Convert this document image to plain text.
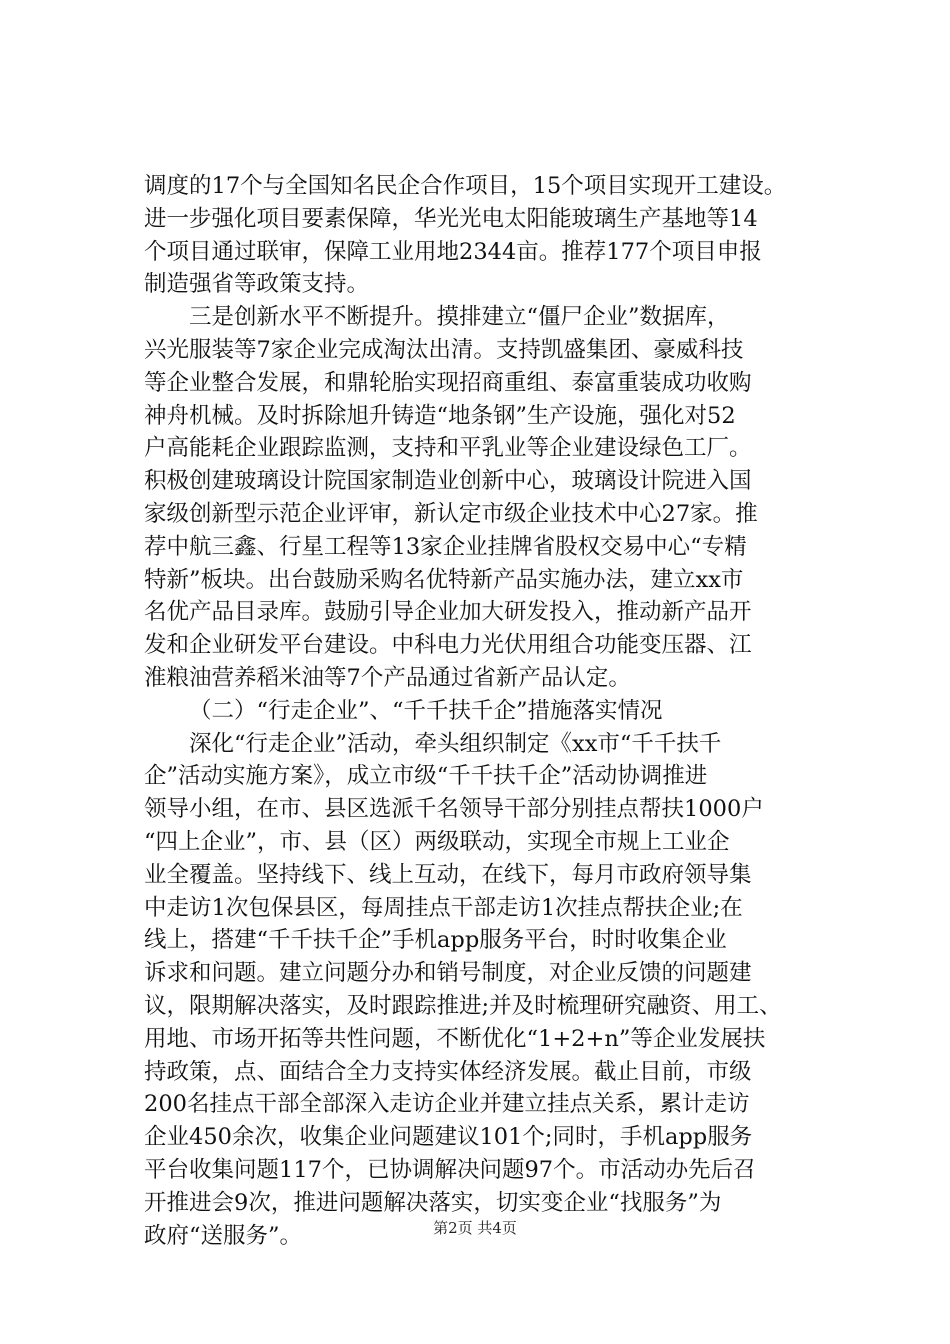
调度的17个与全国知名民企合作项目，15个项目实现开工建设。
进一步强化项目要素保障，华光光电太阳能玻璃生产基地等14
个项目通过联审，保障工业用地2344亩。推荐177个项目申报
制造强省等政策支持。
三是创新水平不断提升。摸排建立“僵尸企业”数据库，
兴光服装等7家企业完成淘汰出清。支持凯盛集团、豪威科技
等企业整合发展，和鼎轮胎实现招商重组、泰富重装成功收购
神舟机械。及时拆除旭升铸造“地条钢”生产设施，强化对52
户高能耗企业跟踪监测，支持和平乳业等企业建设绿色工厂。
积极创建玻璃设计院国家制造业创新中心，玻璃设计院进入国
家级创新型示范企业评审，新认定市级企业技术中心27家。推
荐中航三鑫、行星工程等13家企业挂牌省股权交易中心“专精
特新”板块。出台鼓励采购名优特新产品实施办法，建立xx市
名优产品目录库。鼓励引导企业加大研发投入，推动新产品开
发和企业研发平台建设。中科电力光伏用组合功能变压器、江
淮粮油营养稻米油等7个产品通过省新产品认定。
（二）“行走企业”、“千千扶千企”措施落实情况
深化“行走企业”活动，牵头组织制定《xx市“千千扶千
企”活动实施方案》，成立市级“千千扶千企”活动协调推进
领导小组，在市、县区选派千名领导干部分别挂点帮扶1000户
“四上企业”，市、县（区）两级联动，实现全市规上工业企
业全覆盖。坚持线下、线上互动，在线下，每月市政府领导集
中走访1次包保县区，每周挂点干部走访1次挂点帮扶企业;在
线上，搭建“千千扶千企”手机app服务平台，时时收集企业
诉求和问题。建立问题分办和销号制度，对企业反馈的问题建
议，限期解决落实，及时跟踪推进;并及时梳理研究融资、用工、
用地、市场开拓等共性问题，不断优化“1+2+n”等企业发展扶
持政策，点、面结合全力支持实体经济发展。截止目前，市级
200名挂点干部全部深入走访企业并建立挂点关系，累计走访
企业450余次，收集企业问题建议101个;同时，手机app服务
平台收集问题117个，已协调解决问题97个。市活动办先后召
开推进会9次，推进问题解决落实，切实变企业“找服务”为
政府“送服务”。	第2页 共4页
